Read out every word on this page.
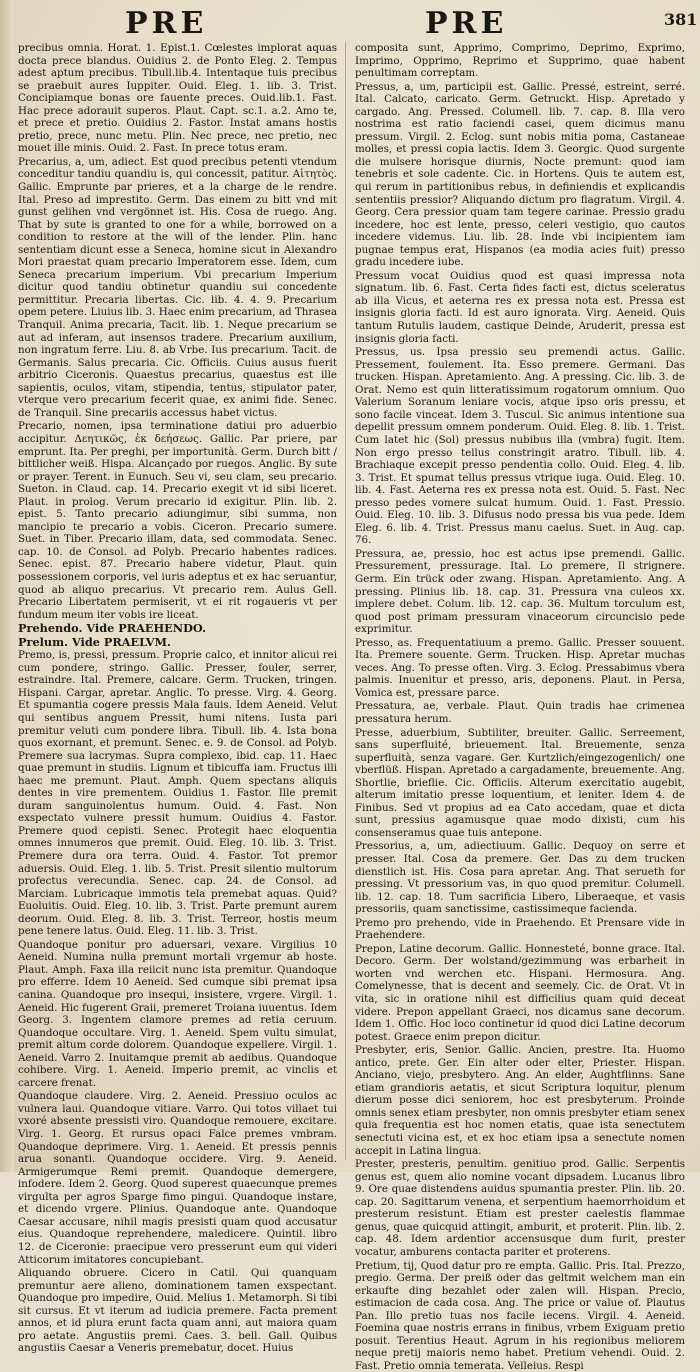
PRE	PRE	381

precibus omnia. Horat. 1. Epist.1. Cœlestes implorat aquas docta prece blandus. Ouidius 2. de Ponto Eleg. 2. Tempus adest aptum precibus. Tibull.lib.4. Intentaque tuis precibus se praebuit aures Iuppiter. Ouid. Eleg. 1. lib. 3. Trist. Concipiamque bonas ore fauente preces. Ouid.lib.1. Fast. Hac prece adorauit superos. Plaut. Capt. sc.1. a.2. Amo te, et prece et pretio. Ouidius 2. Fastor. Instat amans hostis pretio, prece, nunc metu. Plin. Nec prece, nec pretio, nec mouet ille minis. Ouid. 2. Fast. In prece totus eram.

Precarius, a, um, adiect. Est quod precibus petenti vtendum conceditur tandiu quandiu is, qui concessit, patitur. Αἰτητὸς. Gallic. Emprunte par prieres, et a la charge de le rendre. Ital. Preso ad imprestito. Germ. Das einem zu bitt vnd mit gunst gelihen vnd vergönnet ist. His. Cosa de ruego. Ang. That by sute is granted to one for a while, borrowed on a condition to restore at the will of the lender. Plin. hanc sententiam dicunt esse a Seneca, homine sicut in Alexandro Mori praestat quam precario Imperatorem esse. Idem, cum Seneca precarium imperium. Vbi precarium Imperium dicitur quod tandiu obtinetur quandiu sui concedente permittitur. Precaria libertas. Cic. lib. 4. 4. 9. Precarium opem petere. Liuius lib. 3. Haec enim precarium, ad Thrasea Tranquil. Anima precaria, Tacit. lib. 1. Neque precarium se aut ad inferam, aut insensos tradere. Precarium auxilium, non ingratum ferre. Liu. 8. ab Vrbe. Ius precarium. Tacit. de Germanis. Salus precaria. Cic. Officiis. Cuius ausus fuerit arbitrio Ciceronis. Quaestus precarius, quaestus est ille sapientis, oculos, vitam, stipendia, tentus, stipulator pater, vterque vero precarium fecerit quae, ex animi fide. Senec. de Tranquil. Sine precariis accessus habet victus.

Precario, nomen, ipsa terminatione datiui pro aduerbio accipitur. Δεητικῶς, ἐκ δεήσεως. Gallic. Par priere, par emprunt. Ita. Per preghi, per importunità. Germ. Durch bitt / bittlicher weiß. Hispa. Alcançado por ruegos. Anglic. By sute or prayer. Terent. in Eunuch. Seu vi, seu clam, seu precario. Sueton. in Claud. cap. 14. Precario exegit vt id sibi liceret. Plaut. in prolog. Verum precario id exigitur. Plin. lib. 2. epist. 5. Tanto precario adiungimur, sibi summa, non mancipio te precario a vobis. Ciceron. Precario sumere. Suet. in Tiber. Precario illam, data, sed commodata. Senec. cap. 10. de Consol. ad Polyb. Precario habentes radices. Senec. epist. 87. Precario habere videtur, Plaut. quin possessionem corporis, vel iuris adeptus et ex hac seruantur, quod ab aliquo precarius. Vt precario rem. Aulus Gell. Precario Libertatem permiserit, vt ei rit rogaueris vt per fundum meum iter vobis ire liceat.

Prehendo. Vide PRAEHENDO.

Prelum. Vide PRAELVM.

Premo, is, pressi, pressum. Proprie calco, et innitor alicui rei cum pondere, stringo. Gallic. Presser, fouler, serrer, estraindre. Ital. Premere, calcare. Germ. Trucken, tringen. Hispani. Cargar, apretar. Anglic. To presse. Virg. 4. Georg. Et spumantia cogere pressis Mala fauis. Idem Aeneid. Velut qui sentibus anguem Pressit, humi nitens. Iusta pari premitur veluti cum pondere libra. Tibull. lib. 4. Ista bona quos exornant, et premunt. Senec. e. 9. de Consol. ad Polyb. Premere sua lacrymas. Supra complexo, ibid. cap. 11. Haec quae premunt in studiis. Lignum et tibicuffa iam. Fructus illi haec me premunt. Plaut. Amph. Quem spectans aliquis dentes in vire prementem. Ouidius 1. Fastor. Ille premit duram sanguinolentus humum. Ouid. 4. Fast. Non exspectato vulnere pressit humum. Ouidius 4. Fastor. Premere quod cepisti. Senec. Protegit haec eloquentia omnes innumeros que premit. Ouid. Eleg. 10. lib. 3. Trist. Premere dura ora terra. Ouid. 4. Fastor. Tot premor aduersis. Ouid. Eleg. 1. lib. 5. Trist. Presit silentio multorum profectus verecundia. Senec. cap. 24. de Consol. ad Marciam. Lubricaque immotis tela premebat aquas. Quid? Euoluitis. Ouid. Eleg. 10. lib. 3. Trist. Parte premunt aurem deorum. Ouid. Eleg. 8. lib. 3. Trist. Terreor, hostis meum pene tenere latus. Ouid. Eleg. 11. lib. 3. Trist.

Quandoque ponitur pro aduersari, vexare. Virgilius 10 Aeneid. Numina nulla premunt mortali vrgemur ab hoste. Plaut. Amph. Faxa illa reiicit nunc ista premitur. Quandoque pro efferre. Idem 10 Aeneid. Sed cumque sibi premat ipsa canina. Quandoque pro insequi, insistere, vrgere. Virgil. 1. Aeneid. Hic fugerent Graii, premeret Troiana iuuentus. Idem Georg. 3. Ingentem clamore premes ad retia ceruum. Quandoque occultare. Virg. 1. Aeneid. Spem vultu simulat, premit altum corde dolorem. Quandoque expellere. Virgil. 1. Aeneid. Varro 2. Inuitamque premit ab aedibus. Quandoque cohibere. Virg. 1. Aeneid. Imperio premit, ac vinclis et carcere frenat.

Quandoque claudere. Virg. 2. Aeneid. Pressiuo oculos ac vulnera laui. Quandoque vitiare. Varro. Qui totos villaet tui vxoré absente pressisti viro. Quandoque remouere, excitare. Virg. 1. Georg. Et rursus opaci Falce premes vmbram. Quandoque deprimere. Virg. 1. Aeneid. Et pressis pennis arua sonanti. Quandoque occidere. Virg. 9. Aeneid. Armigerumque Remi premit. Quandoque demergere, infodere. Idem 2. Georg. Quod superest quaecunque premes virgulta per agros Sparge fimo pingui. Quandoque instare, et dicendo vrgere. Plinius. Quandoque ante. Quandoque Caesar accusare, nihil magis presisti quam quod accusatur eius. Quandoque reprehendere, maledicere. Quintil. libro 12. de Ciceronie: praecipue vero presserunt eum qui videri Atticorum imitatores concupiebant.

Aliquando obruere. Cicero in Catil. Qui quanquam premuntur aere alieno, dominationem tamen exspectant. Quandoque pro impedire, Ouid. Melius 1. Metamorph. Si tibi sit cursus. Et vt iterum ad iudicia premere. Facta prement annos, et id plura erunt facta quam anni, aut maiora quam pro aetate. Angustiis premi. Caes. 3. bell. Gall. Quibus angustiis Caesar a Veneris premebatur, docet. Huius

composita sunt, Apprimo, Comprimo, Deprimo, Exprimo, Imprimo, Opprimo, Reprimo et Supprimo, quae habent penultimam correptam.

Pressus, a, um, participii est. Gallic. Pressé, estreint, serré. Ital. Calcato, caricato. Germ. Getruckt. Hisp. Apretado y cargado. Ang. Pressed. Columell. lib. 7. cap. 8. Illa vero nostrima est ratio faciendi casei, quem dicimus manu pressum. Virgil. 2. Eclog. sunt nobis mitia poma, Castaneae molles, et pressi copia lactis. Idem 3. Georgic. Quod surgente die mulsere horisque diurnis, Nocte premunt: quod iam tenebris et sole cadente. Cic. in Hortens. Quis te autem est, qui rerum in partitionibus rebus, in definiendis et explicandis sententiis pressior? Aliquando dictum pro flagratum. Virgil. 4. Georg. Cera pressior quam tam tegere carinae. Pressio gradu incedere, hoc est lente, presso, celeri vestigio, quo cautos incedere videmus. Liu. lib. 28. Inde vbi incipientem iam pugnae tempus erat, Hispanos (ea modia acies fuit) presso gradu incedere iube.

Pressum vocat Ouidius quod est quasi impressa nota signatum. lib. 6. Fast. Certa fides facti est, dictus sceleratus ab illa Vicus, et aeterna res ex pressa nota est. Pressa est insignis gloria facti. Id est auro ignorata. Virg. Aeneid. Quis tantum Rutulis laudem, castique Deinde, Aruderit, pressa est insignis gloria facti.

Pressus, us. Ipsa pressio seu premendi actus. Gallic. Pressement, foulement. Ita. Esso premere. Germani. Das trucken. Hispan. Apretamiento. Ang. A pressing. Cic. lib. 3. de Orat. Nemo est quin litteratissimum rogatorum omnium. Quo Valerium Soranum leniare vocis, atque ipso oris pressu, et sono facile vinceat. Idem 3. Tuscul. Sic animus intentione sua depellit pressum omnem ponderum. Ouid. Eleg. 8. lib. 1. Trist. Cum latet hic (Sol) pressus nubibus illa (vmbra) fugit. Item. Non ergo presso tellus constringit aratro. Tibull. lib. 4. Brachiaque excepit presso pendentia collo. Ouid. Eleg. 4. lib. 3. Trist. Et spumat tellus pressus vtrique iuga. Ouid. Eleg. 10. lib. 4. Fast. Aeterna res ex pressa nota est. Ouid. 5. Fast. Nec presso pedes vomere sulcat humum. Ouid. 1. Fast. Pressio. Ouid. Eleg. 10. lib. 3. Difusus nodo pressa bis vua pede. Idem Eleg. 6. lib. 4. Trist. Pressus manu caelus. Suet. in Aug. cap. 76.

Pressura, ae, pressio, hoc est actus ipse premendi. Gallic. Pressurement, pressurage. Ital. Lo premere, Il strignere. Germ. Ein trück oder zwang. Hispan. Apretamiento. Ang. A pressing. Plinius lib. 18. cap. 31. Pressura vna culeos xx. implere debet. Colum. lib. 12. cap. 36. Multum torculum est, quod post primam pressuram vinaceorum circuncisio pede exprimitur.

Presso, as. Frequentatiuum a premo. Gallic. Presser souuent. Ita. Premere souente. Germ. Trucken. Hisp. Apretar muchas veces. Ang. To presse often. Virg. 3. Eclog. Pressabimus vbera palmis. Inuenitur et presso, aris, deponens. Plaut. in Persa, Vomica est, pressare parce.

Pressatura, ae, verbale. Plaut. Quin tradis hae crimenea pressatura herum.

Presse, aduerbium, Subtiliter, breuiter. Gallic. Serreement, sans superfluité, brieuement. Ital. Breuemente, senza superfluità, senza vagare. Ger. Kurtzlich/eingezogenlich/ one vberflüß. Hispan. Apretado a cargadamente, breuemente. Ang. Shortlie, brieflie. Cic. Officiis. Alterum exercitatio augebit, alterum imitatio presse loquentium, et leniter. Idem 4. de Finibus. Sed vt propius ad ea Cato accedam, quae et dicta sunt, pressius agamusque quae modo dixisti, cum his consenseramus quae tuis antepone.

Pressorius, a, um, adiectiuum. Gallic. Dequoy on serre et presser. Ital. Cosa da premere. Ger. Das zu dem trucken dienstlich ist. His. Cosa para apretar. Ang. That serueth for pressing. Vt pressorium vas, in quo quod premitur. Columell. lib. 12. cap. 18. Tum sacrificia Libero, Liberaeque, et vasis pressoriis, quam sanctissime, castissimeque facienda.

Premo pro prehendo, vide in Praehendo. Et Prensare vide in Praehendere.

Prepon, Latine decorum. Gallic. Honnesteté, bonne grace. Ital. Decoro. Germ. Der wolstand/gezimmung was erbarheit in worten vnd werchen etc. Hispani. Hermosura. Ang. Comelynesse, that is decent and seemely. Cic. de Orat. Vt in vita, sic in oratione nihil est difficilius quam quid deceat videre. Prepon appellant Graeci, nos dicamus sane decorum. Idem 1. Offic. Hoc loco continetur id quod dici Latine decorum potest. Graece enim prepon dicitur.

Presbyter, eris, Senior. Gallic. Ancien, prestre. Ita. Huomo antico, prete. Ger. Ein alter oder elter, Priester. Hispan. Anciano, viejo, presbytero. Ang. An elder, Aughtflinns. Sane etiam grandioris aetatis, et sicut Scriptura loquitur, plenum dierum posse dici seniorem, hoc est presbyterum. Proinde omnis senex etiam presbyter, non omnis presbyter etiam senex quia frequentia est hoc nomen etatis, quae ista senectutem senectuti vicina est, et ex hoc etiam ipsa a senectute nomen accepit in Latina lingua.

Prester, presteris, penultim. genitiuo prod. Gallic. Serpentis genus est, quem alio nomine vocant dipsadem. Lucanus libro 9. Ore quae distendens auidus spumantia prester. Plin. lib. 20. cap. 20. Sagittarum venena, et serpentium haemorrhoidum et presterum resistunt. Etiam est prester caelestis flammae genus, quae quicquid attingit, amburit, et proterit. Plin. lib. 2. cap. 48. Idem ardentior accensusque dum furit, prester vocatur, amburens contacta pariter et proterens.

Pretium, tij, Quod datur pro re empta. Gallic. Pris. Ital. Prezzo, pregio. Germa. Der preiß oder das geltmit welchem man ein erkaufte ding bezahlet oder zalen will. Hispan. Precio, estimacion de cada cosa. Ang. The price or value of. Plautus Pan. Illo pretio tuas nos facile iecens. Virgil. 4. Aeneid. Foemina quae nostris errans in finibus, vrbem Exiguam pretio posuit. Terentius Heaut. Agrum in his regionibus meliorem neque pretij maioris nemo habet. Pretium vehendi. Ouid. 2. Fast. Pretio omnia temerata. Velleius. Respi
